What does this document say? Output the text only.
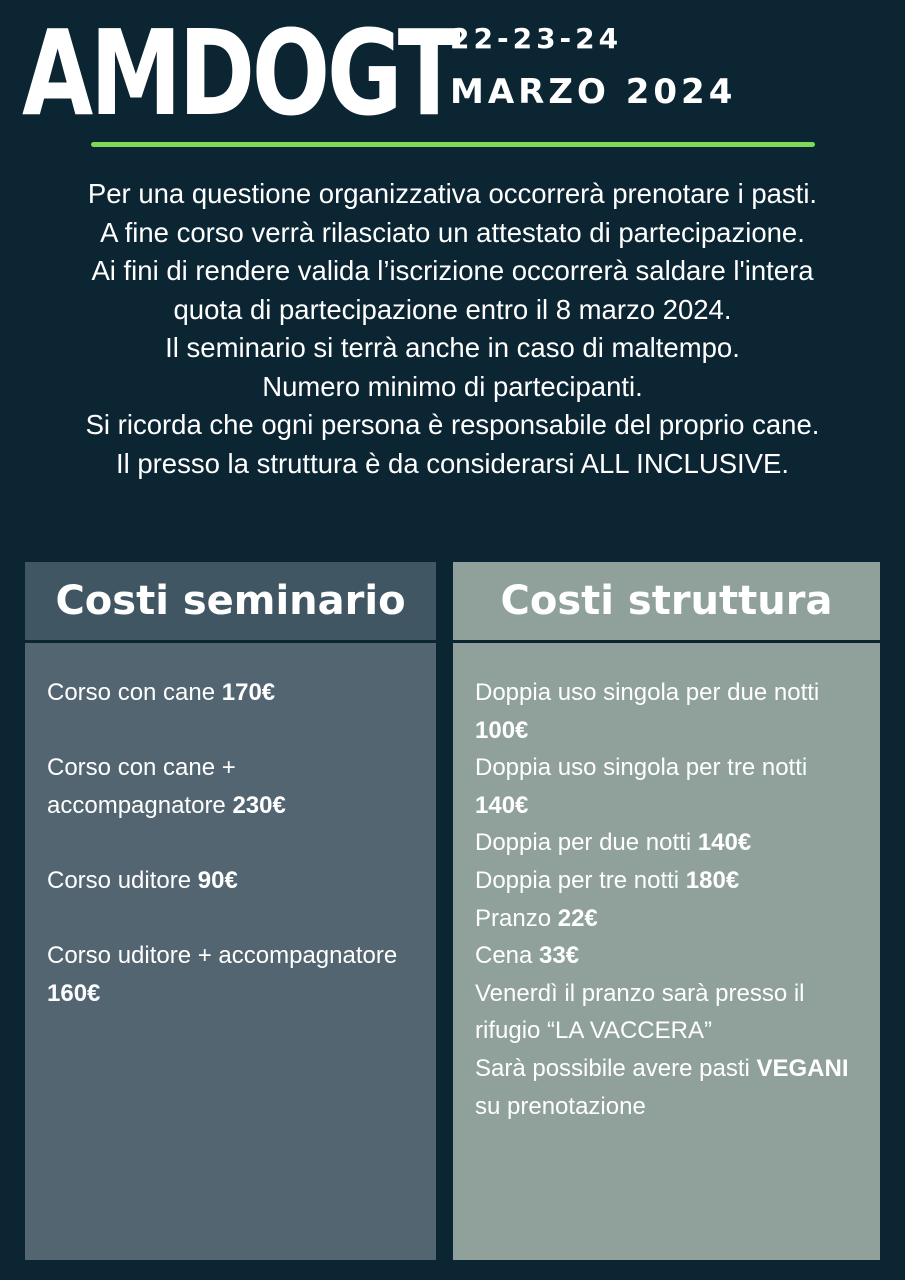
AMDOGT
22-23-24
MARZO 2024
Per una questione organizzativa occorrerà prenotare i pasti.
A fine corso verrà rilasciato un attestato di partecipazione.
Ai fini di rendere valida l’iscrizione occorrerà saldare l'intera
quota di partecipazione entro il 8 marzo 2024.
Il seminario si terrà anche in caso di maltempo.
Numero minimo di partecipanti.
Si ricorda che ogni persona è responsabile del proprio cane.
Il presso la struttura è da considerarsi ALL INCLUSIVE.
Costi seminario
Corso con cane 170€
Corso con cane + accompagnatore 230€
Corso uditore 90€
Corso uditore + accompagnatore 160€
Costi struttura
Doppia uso singola per due notti 100€
Doppia uso singola per tre notti 140€
Doppia per due notti 140€
Doppia per tre notti 180€
Pranzo 22€
Cena 33€
Venerdì il pranzo sarà presso il rifugio “LA VACCERA”
Sarà possibile avere pasti VEGANI su prenotazione
